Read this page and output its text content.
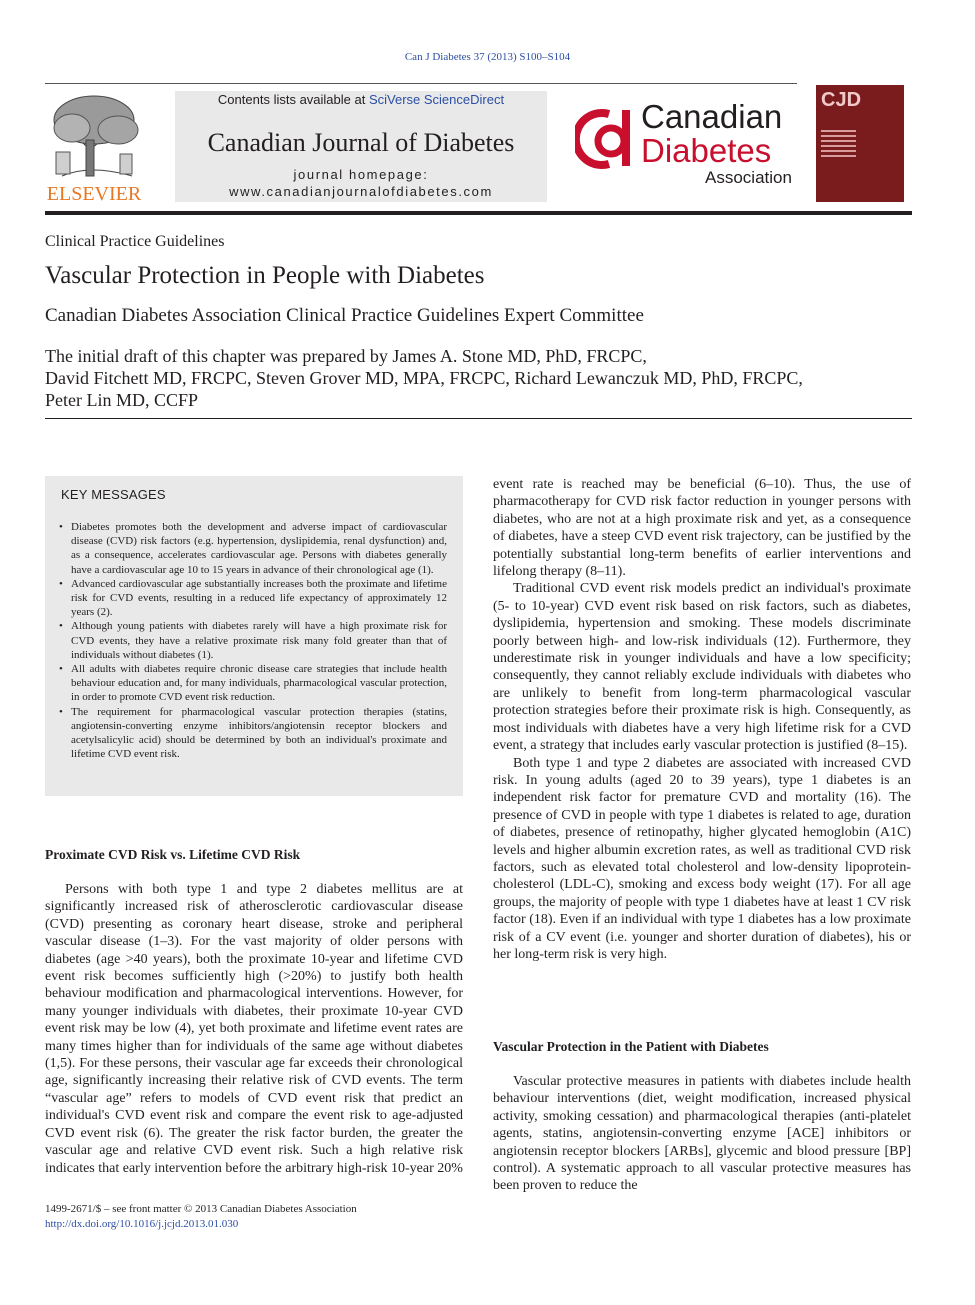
Can J Diabetes 37 (2013) S100–S104
ELSEVIER
Contents lists available at SciVerse ScienceDirect
Canadian Journal of Diabetes
journal homepage:
www.canadianjournalofdiabetes.com
Canadian
Diabetes
Association
CJD
Clinical Practice Guidelines
Vascular Protection in People with Diabetes
Canadian Diabetes Association Clinical Practice Guidelines Expert Committee
The initial draft of this chapter was prepared by James A. Stone MD, PhD, FRCPC,
David Fitchett MD, FRCPC, Steven Grover MD, MPA, FRCPC, Richard Lewanczuk MD, PhD, FRCPC,
Peter Lin MD, CCFP
KEY MESSAGES
• Diabetes promotes both the development and adverse impact of cardiovascular disease (CVD) risk factors (e.g. hypertension, dyslipidemia, renal dysfunction) and, as a consequence, accelerates cardiovascular age. Persons with diabetes generally have a cardiovascular age 10 to 15 years in advance of their chronological age (1).
• Advanced cardiovascular age substantially increases both the proximate and lifetime risk for CVD events, resulting in a reduced life expectancy of approximately 12 years (2).
• Although young patients with diabetes rarely will have a high proximate risk for CVD events, they have a relative proximate risk many fold greater than that of individuals without diabetes (1).
• All adults with diabetes require chronic disease care strategies that include health behaviour education and, for many individuals, pharmacological vascular protection, in order to promote CVD event risk reduction.
• The requirement for pharmacological vascular protection therapies (statins, angiotensin-converting enzyme inhibitors/angiotensin receptor blockers and acetylsalicylic acid) should be determined by both an individual's proximate and lifetime CVD event risk.
Proximate CVD Risk vs. Lifetime CVD Risk

Persons with both type 1 and type 2 diabetes mellitus are at significantly increased risk of atherosclerotic cardiovascular disease (CVD) presenting as coronary heart disease, stroke and peripheral vascular disease (1–3). For the vast majority of older persons with diabetes (age >40 years), both the proximate 10-year and lifetime CVD event risk becomes sufficiently high (>20%) to justify both health behaviour modification and pharmacological interventions. However, for many younger individuals with diabetes, their proximate 10-year CVD event risk may be low (4), yet both proximate and lifetime event rates are many times higher than for individuals of the same age without diabetes (1,5). For these persons, their vascular age far exceeds their chronological age, significantly increasing their relative risk of CVD events. The term “vascular age” refers to models of CVD event risk that predict an individual's CVD event risk and compare the event risk to age-adjusted CVD event risk (6). The greater the risk factor burden, the greater the vascular age and relative CVD event risk. Such a high relative risk indicates that early intervention before the arbitrary high-risk 10-year 20%

event rate is reached may be beneficial (6–10). Thus, the use of pharmacotherapy for CVD risk factor reduction in younger persons with diabetes, who are not at a high proximate risk and yet, as a consequence of diabetes, have a steep CVD event risk trajectory, can be justified by the potentially substantial long-term benefits of earlier interventions and lifelong therapy (8–11).

Traditional CVD event risk models predict an individual's proximate (5- to 10-year) CVD event risk based on risk factors, such as diabetes, dyslipidemia, hypertension and smoking. These models discriminate poorly between high- and low-risk individuals (12). Furthermore, they underestimate risk in younger individuals and have a low specificity; consequently, they cannot reliably exclude individuals with diabetes who are unlikely to benefit from long-term pharmacological vascular protection strategies before their proximate risk is high. Consequently, as most individuals with diabetes have a very high lifetime risk for a CVD event, a strategy that includes early vascular protection is justified (8–15).

Both type 1 and type 2 diabetes are associated with increased CVD risk. In young adults (aged 20 to 39 years), type 1 diabetes is an independent risk factor for premature CVD and mortality (16). The presence of CVD in people with type 1 diabetes is related to age, duration of diabetes, presence of retinopathy, higher glycated hemoglobin (A1C) levels and higher albumin excretion rates, as well as traditional CVD risk factors, such as elevated total cholesterol and low-density lipoprotein-cholesterol (LDL-C), smoking and excess body weight (17). For all age groups, the majority of people with type 1 diabetes have at least 1 CV risk factor (18). Even if an individual with type 1 diabetes has a low proximate risk of a CV event (i.e. younger and shorter duration of diabetes), his or her long-term risk is very high.

Vascular Protection in the Patient with Diabetes

Vascular protective measures in patients with diabetes include health behaviour interventions (diet, weight modification, increased physical activity, smoking cessation) and pharmacological therapies (anti-platelet agents, statins, angiotensin-converting enzyme [ACE] inhibitors or angiotensin receptor blockers [ARBs], glycemic and blood pressure [BP] control). A systematic approach to all vascular protective measures has been proven to reduce the

1499-2671/$ – see front matter © 2013 Canadian Diabetes Association
http://dx.doi.org/10.1016/j.jcjd.2013.01.030
